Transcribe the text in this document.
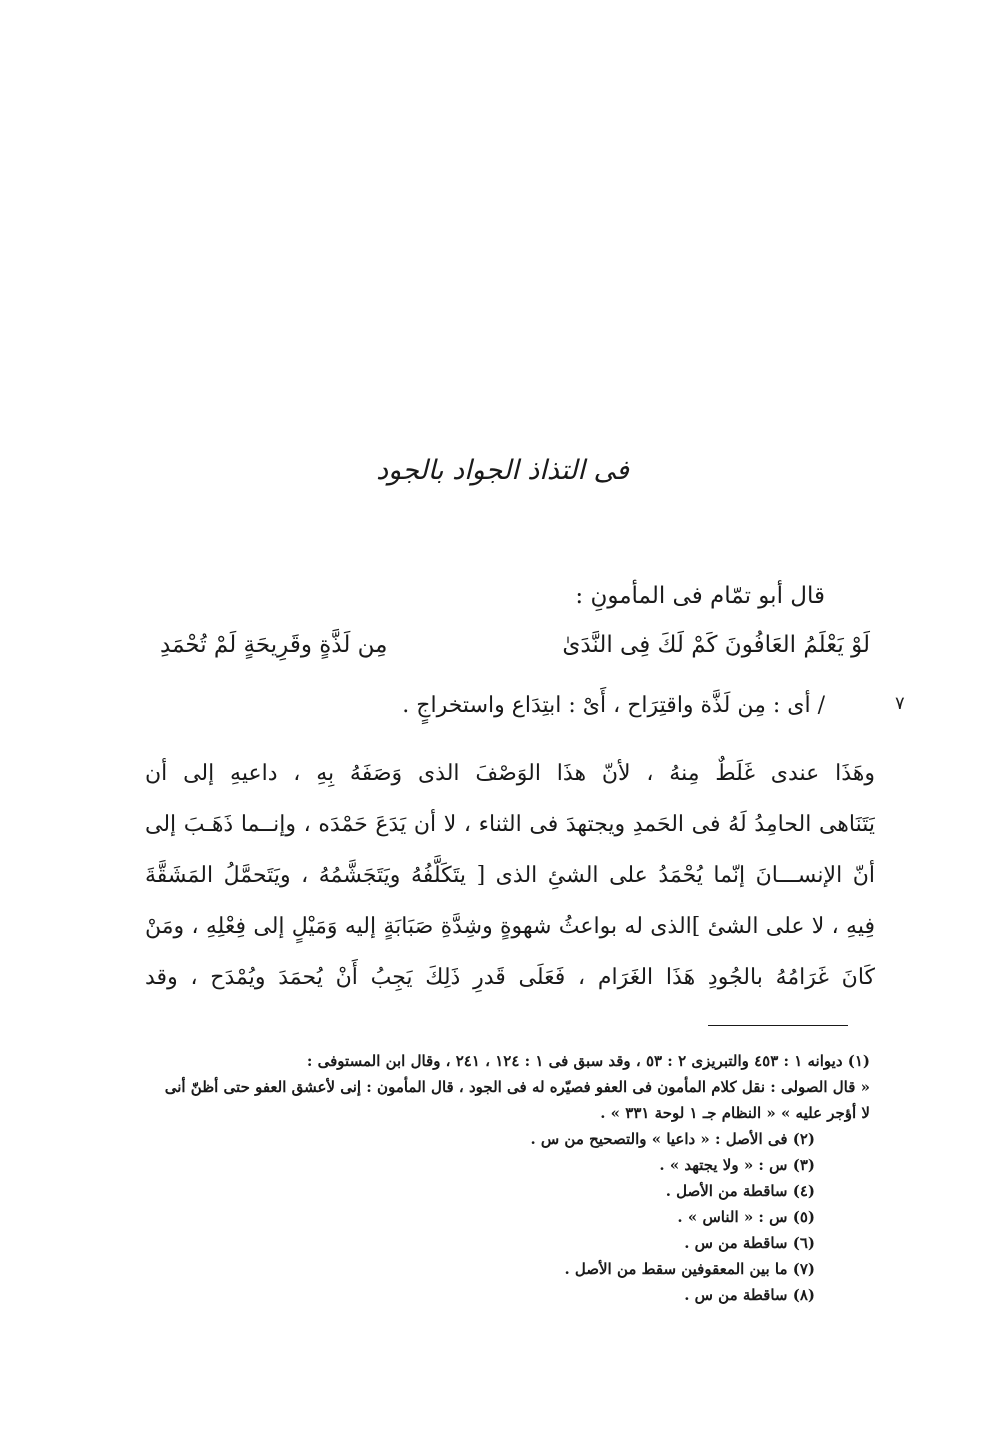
فى التذاذ الجواد بالجود
قال أبو تمّام فى المأمونِ :
لَوْ يَعْلَمُ العَافُونَ كَمْ لَكَ فِى النَّدَىٰ
مِن لَذَّةٍ وقَرِيحَةٍ لَمْ تُحْمَدِ
/ أى : مِن لَذَّة واقتِرَاح ، أَىْ : ابتِدَاع واستخراجٍ .	٧
وهَذَا عندى غَلَطٌ مِنهُ ، لأنّ هذَا الوَصْفَ الذى وَصَفَهُ بِهِ ، داعيهِ إلى أن
يَتَنَاهى الحامِدُ لَهُ فى الحَمدِ ويجتهدَ فى الثناء ، لا أن يَدَعَ حَمْدَه ، وإنــما ذَهَـبَ إلى
أنّ الإنســـانَ إنّما يُحْمَدُ على الشئِ الذى [ يتَكَلَّفُهُ ويَتَجَشَّمُهُ ، ويَتَحمَّلُ المَشَقَّةَ
فِيهِ ، لا على الشئ ]الذى له بواعثُ شهوةٍ وشِدَّةِ صَبَابَةٍ إليه وَمَيْلٍ إلى فِعْلِهِ ، ومَنْ
كَانَ غَرَامُهُ بالجُودِ هَذَا الغَرَام ، فَعَلَى قَدرِ ذَلِكَ يَجِبُ أَنْ يُحمَدَ ويُمْدَح ، وقد
(١) ديوانه ١ : ٤٥٣ والتبريزى ٢ : ٥٣ ، وقد سبق فى ١ : ١٢٤ ، ٢٤١ ، وقال ابن المستوفى :
« قال الصولى : نقل كلام المأمون فى العفو فصيّره له فى الجود ، قال المأمون : إنى لأعشق العفو حتى أظنّ أنى
لا أؤجر عليه » « النظام جـ ١ لوحة ٣٣١ » .
(٢) فى الأصل : « داعيا » والتصحيح من س .
(٣) س : « ولا يجتهد » .
(٤) ساقطة من الأصل .
(٥) س : « الناس » .
(٦) ساقطة من س .
(٧) ما بين المعقوفين سقط من الأصل .
(٨) ساقطة من س .
